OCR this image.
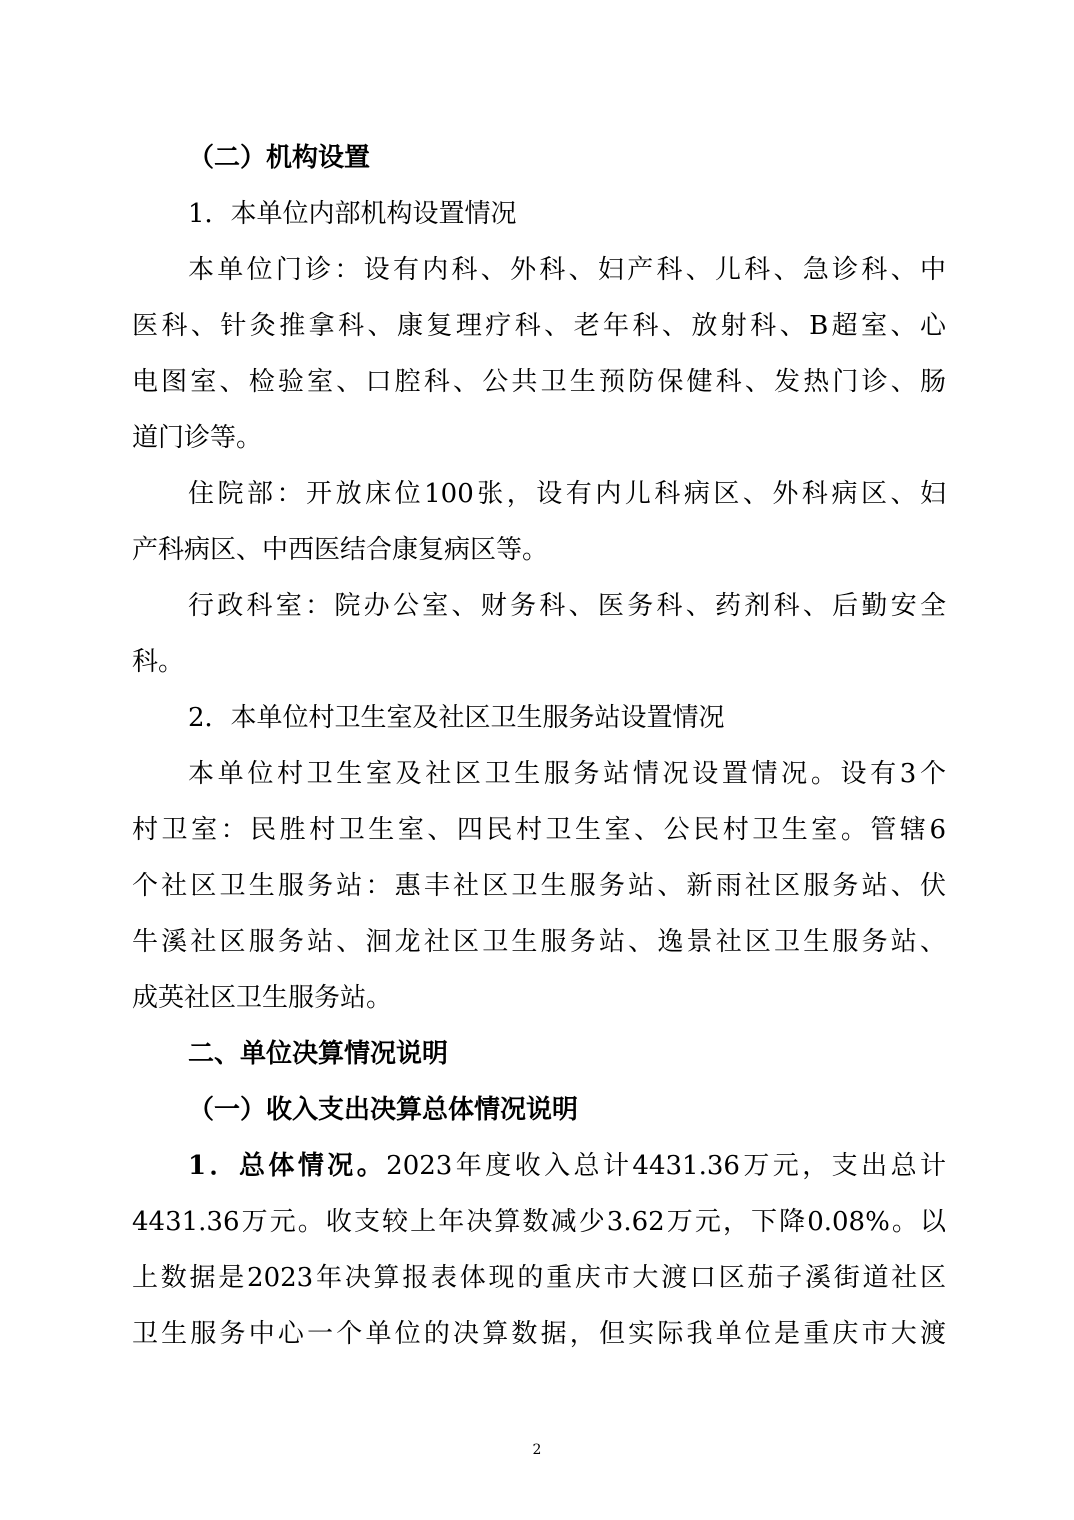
（二）机构设置
1．本单位内部机构设置情况
本单位门诊：设有内科、外科、妇产科、儿科、急诊科、中
医科、针灸推拿科、康复理疗科、老年科、放射科、B超室、心
电图室、检验室、口腔科、公共卫生预防保健科、发热门诊、肠
道门诊等。
住院部：开放床位100张，设有内儿科病区、外科病区、妇
产科病区、中西医结合康复病区等。
行政科室：院办公室、财务科、医务科、药剂科、后勤安全
科。
2．本单位村卫生室及社区卫生服务站设置情况
本单位村卫生室及社区卫生服务站情况设置情况。设有3个
村卫室：民胜村卫生室、四民村卫生室、公民村卫生室。管辖6
个社区卫生服务站：惠丰社区卫生服务站、新雨社区服务站、伏
牛溪社区服务站、洄龙社区卫生服务站、逸景社区卫生服务站、
成英社区卫生服务站。
二、单位决算情况说明
（一）收入支出决算总体情况说明
1．总体情况。2023年度收入总计4431.36万元，支出总计
4431.36万元。收支较上年决算数减少3.62万元，下降0.08%。以
上数据是2023年决算报表体现的重庆市大渡口区茄子溪街道社区
卫生服务中心一个单位的决算数据，但实际我单位是重庆市大渡
2
